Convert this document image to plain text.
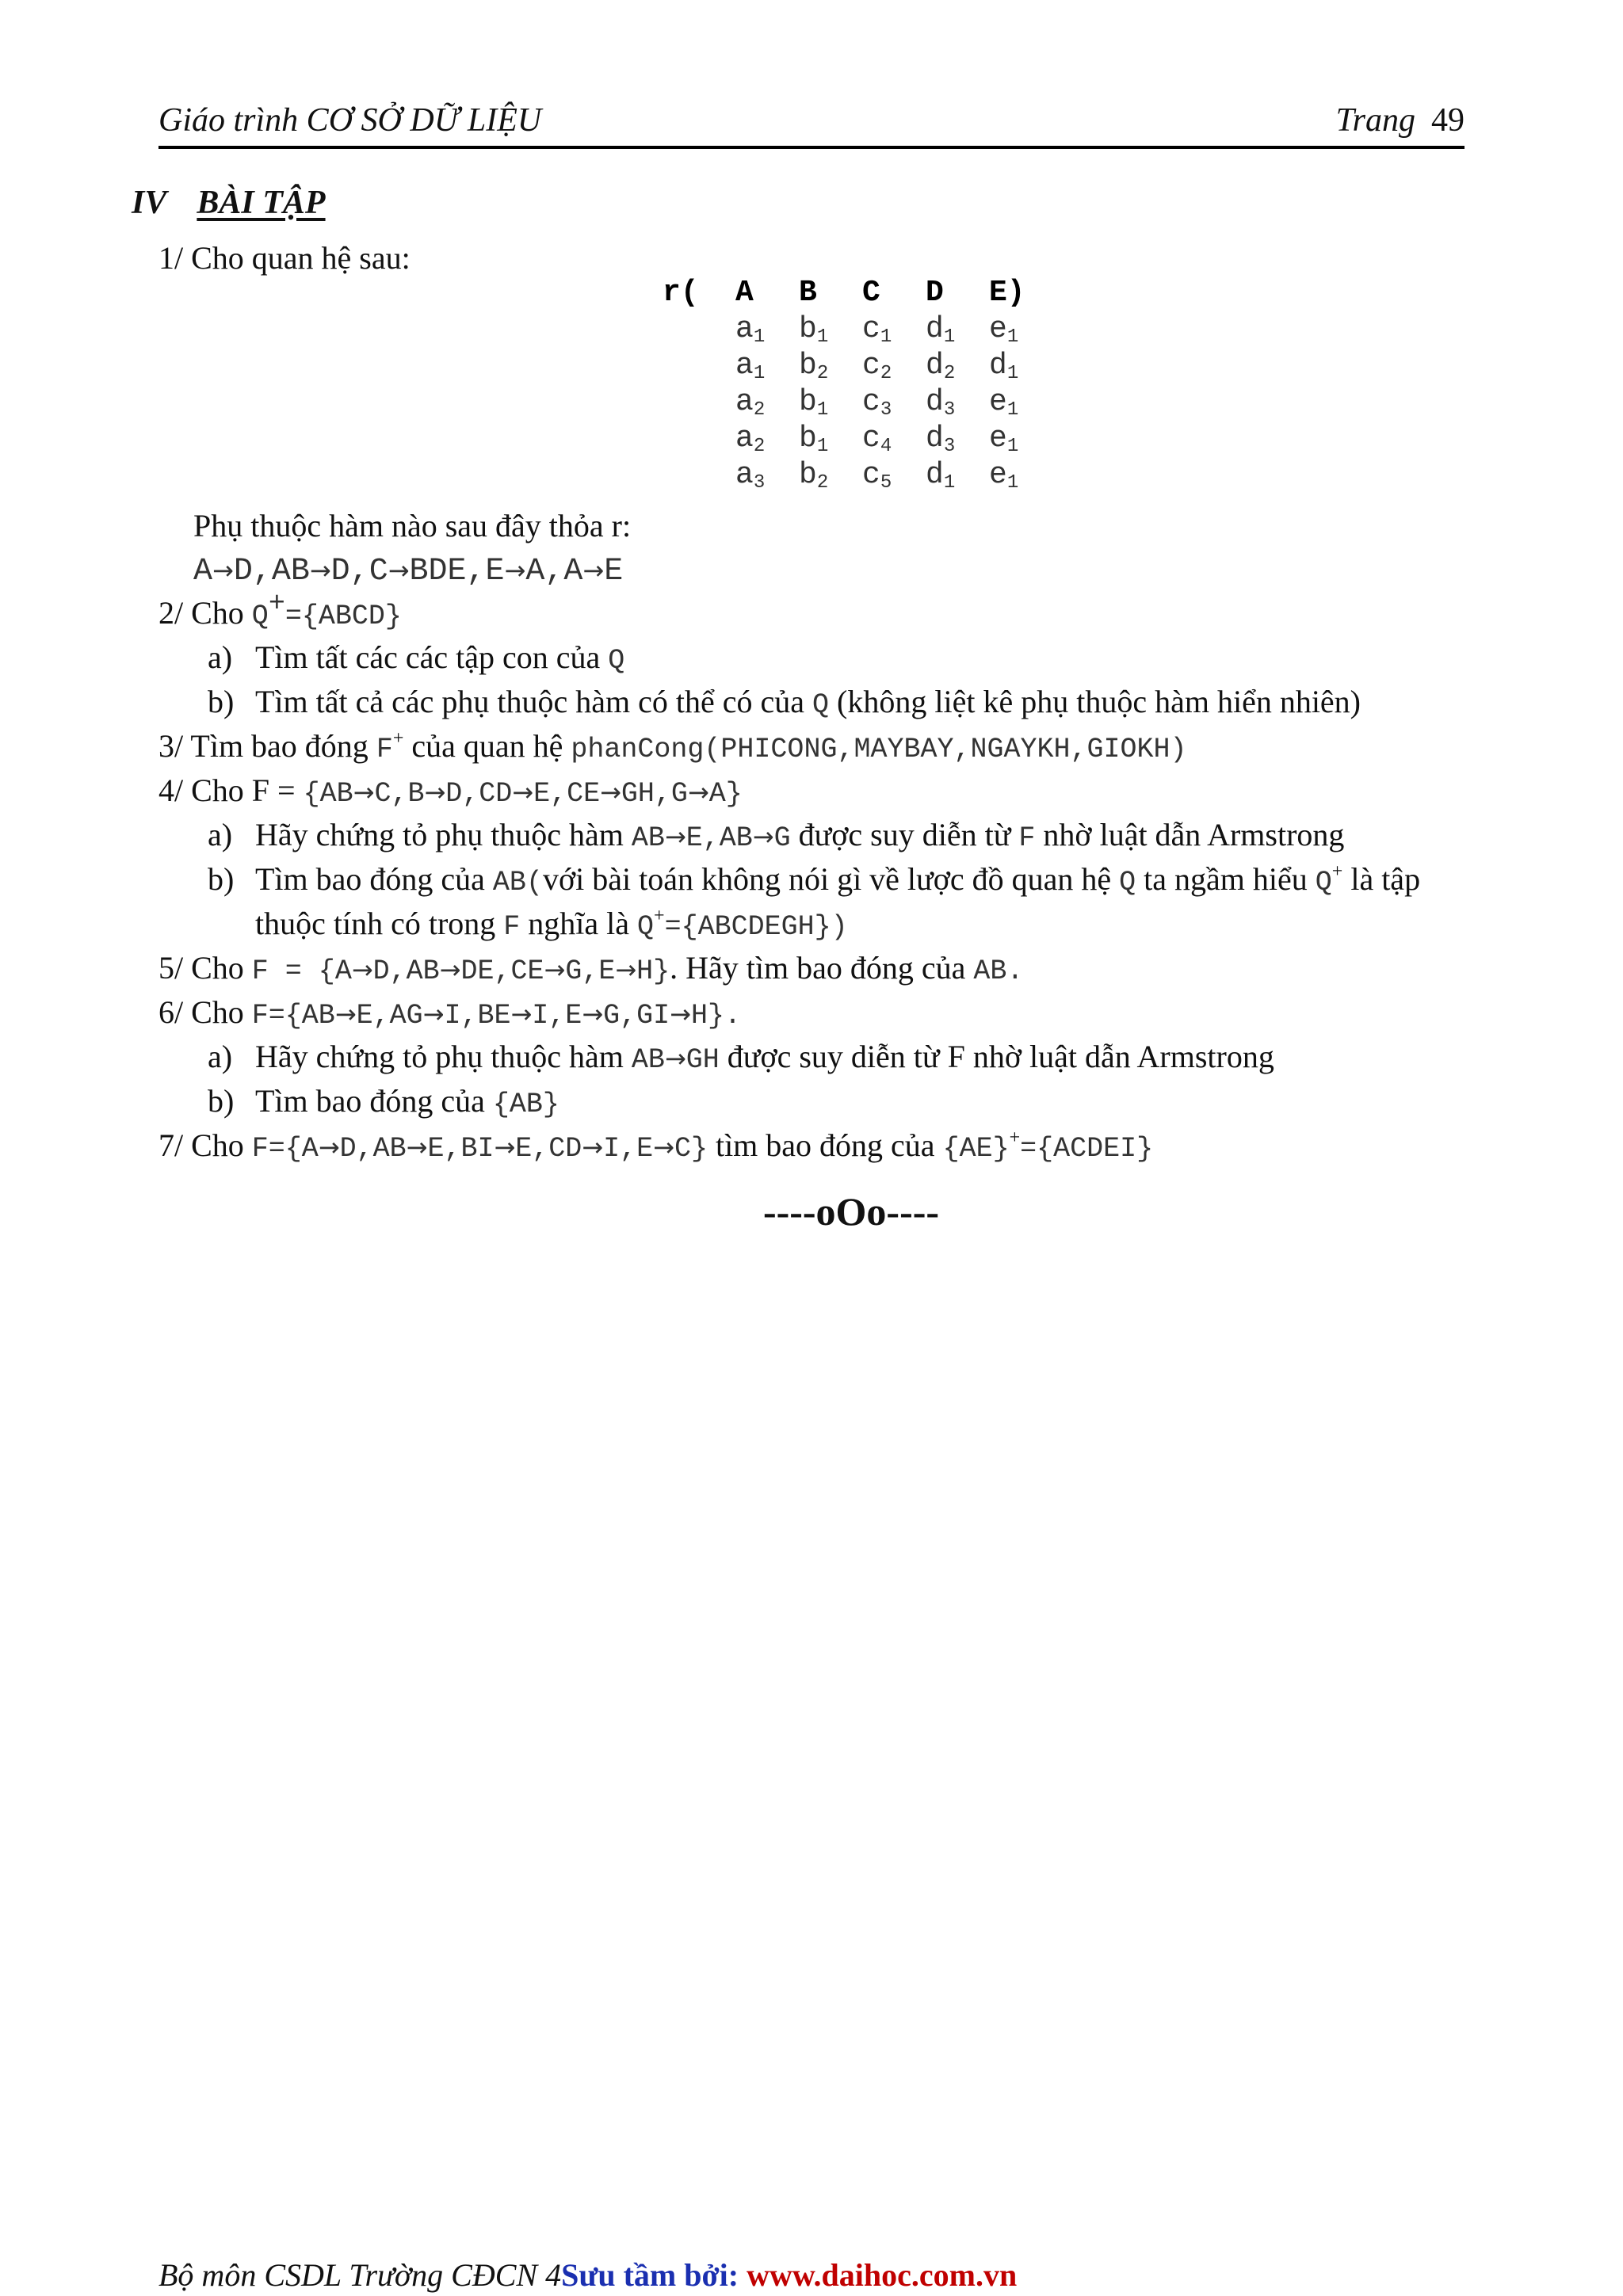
Giáo trình CƠ SỞ DỮ LIỆU	Trang 49
IV BÀI TẬP
1/ Cho quan hệ sau:
r(	A	B	C	D	E)
	$a_1$	$b_1$	$c_1$	$d_1$	$e_1$
	$a_1$	$b_2$	$c_2$	$d_2$	$d_1$
	$a_2$	$b_1$	$c_3$	$d_3$	$e_1$
	$a_2$	$b_1$	$c_4$	$d_3$	$e_1$
	$a_3$	$b_2$	$c_5$	$d_1$	$e_1$
Phụ thuộc hàm nào sau đây thỏa r:
A→D,AB→D,C→BDE,E→A,A→E
2/ Cho Q+={ABCD}
a) Tìm tất các các tập con của Q
b) Tìm tất cả các phụ thuộc hàm có thể có của Q (không liệt kê phụ thuộc hàm hiển nhiên)
3/ Tìm bao đóng F+ của quan hệ phanCong(PHICONG,MAYBAY,NGAYKH,GIOKH)
4/ Cho F = {AB→C,B→D,CD→E,CE→GH,G→A}
a) Hãy chứng tỏ phụ thuộc hàm AB→E,AB→G được suy diễn từ F nhờ luật dẫn Armstrong
b) Tìm bao đóng của AB(với bài toán không nói gì về lược đồ quan hệ Q ta ngầm hiểu Q+ là tập
thuộc tính có trong F nghĩa là Q+={ABCDEGH})
5/ Cho F = {A→D,AB→DE,CE→G,E→H}. Hãy tìm bao đóng của AB.
6/ Cho F={AB→E,AG→I,BE→I,E→G,GI→H}.
a) Hãy chứng tỏ phụ thuộc hàm AB→GH được suy diễn từ F nhờ luật dẫn Armstrong
b) Tìm bao đóng của {AB}
7/ Cho F={A→D,AB→E,BI→E,CD→I,E→C} tìm bao đóng của {AE}+={ACDEI}
----oOo----
Bộ môn CSDL Trường CĐCN 4Sưu tầm bởi: www.daihoc.com.vn
